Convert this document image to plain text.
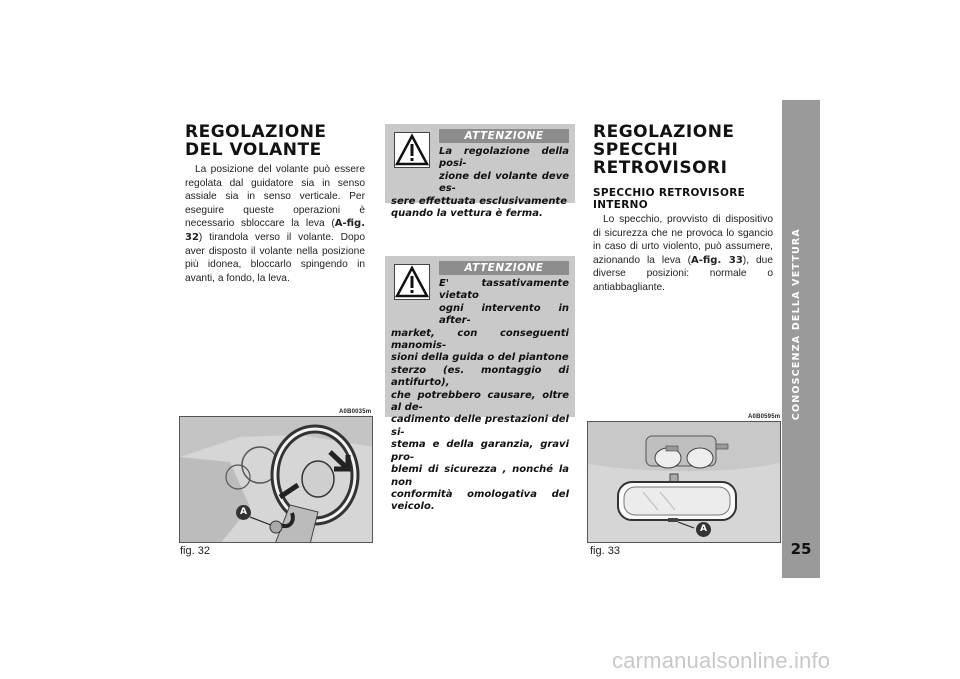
REGOLAZIONE
DEL VOLANTE

La posizione del volante può essere regolata dal guidatore sia in senso assiale sia in senso verticale. Per eseguire queste operazioni è necessario sbloccare la leva (A-fig. 32) tirandola verso il volante. Dopo aver disposto il volante nella posizione più idonea, bloccarlo spingendo in avanti, a fondo, la leva.

A0B0035m
A
fig. 32
ATTENZIONE
La regolazione della posi-
zione del volante deve es-
sere effettuata esclusivamente
quando la vettura è ferma.
ATTENZIONE
E' tassativamente vietato
ogni intervento in after-
market, con conseguenti manomis-
sioni della guida o del piantone
sterzo (es. montaggio di antifurto),
che potrebbero causare, oltre al de-
cadimento delle prestazioni del si-
stema e della garanzia, gravi pro-
blemi di sicurezza , nonché la non
conformità omologativa del veicolo.
REGOLAZIONE
SPECCHI
RETROVISORI
SPECCHIO RETROVISORE
INTERNO

Lo specchio, provvisto di dispositivo di sicurezza che ne provoca lo sgancio in caso di urto violento, può assumere, azionando la leva (A-fig. 33), due diverse posizioni: normale o antiabbagliante.

A0B0595m
A
fig. 33
CONOSCENZA DELLA VETTURA
25
carmanualsonline.info
